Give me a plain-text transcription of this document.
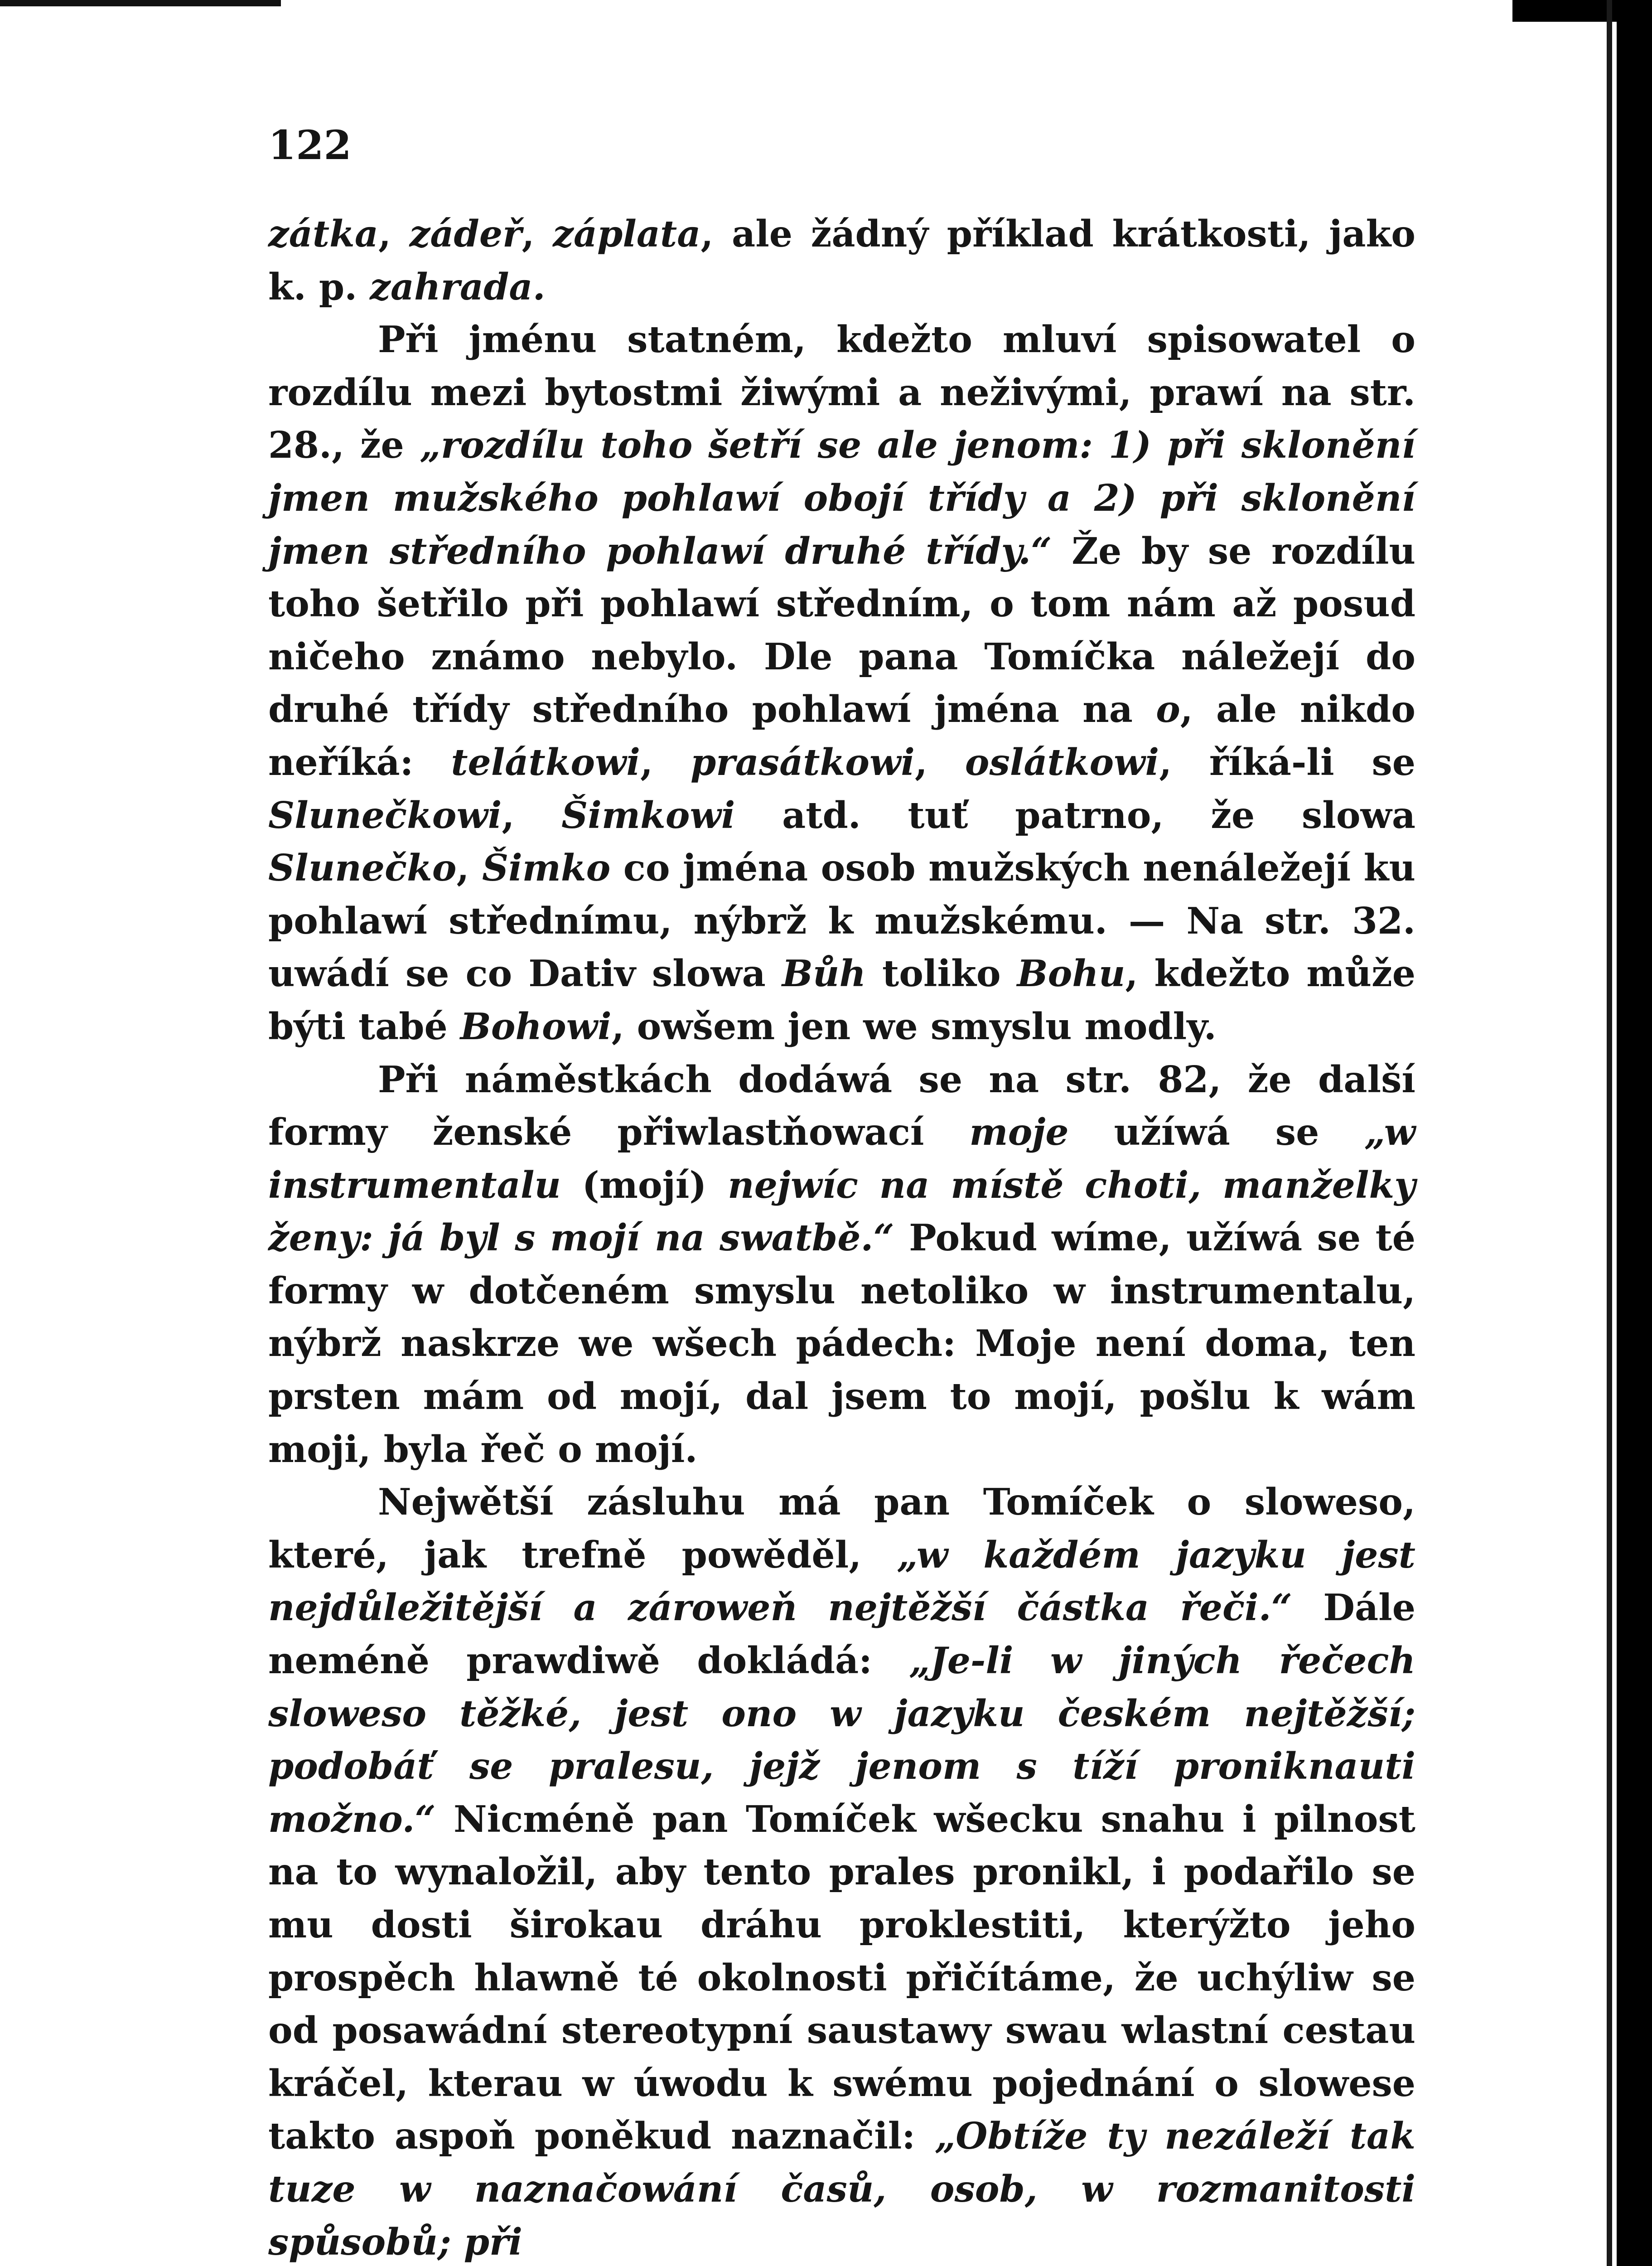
122

zátka, zádeř, záplata, ale žádný příklad krátkosti, jako k. p. zahrada.

Při jménu statném, kdežto mluví spisowatel o rozdílu mezi bytostmi žiwými a neživými, prawí na str. 28., že „rozdílu toho šetří se ale jenom: 1) při sklonění jmen mužského pohlawí obojí třídy a 2) při sklonění jmen středního pohlawí druhé třídy.“ Že by se rozdílu toho šetřilo při pohlawí středním, o tom nám až posud ničeho známo nebylo. Dle pana Tomíčka náležejí do druhé třídy středního pohlawí jména na o, ale nikdo neříká: telátkowi, prasátkowi, oslátkowi, říká-li se Slunečkowi, Šimkowi atd. tuť patrno, že slowa Slunečko, Šimko co jména osob mužských nenáležejí ku pohlawí střednímu, nýbrž k mužskému. — Na str. 32. uwádí se co Dativ slowa Bůh toliko Bohu, kdežto může býti tabé Bohowi, owšem jen we smyslu modly.

Při náměstkách dodáwá se na str. 82, že další formy ženské přiwlastňowací moje užíwá se „w instrumentalu (mojí) nejwíc na místě choti, manželky ženy: já byl s mojí na swatbě.“ Pokud wíme, užíwá se té formy w dotčeném smyslu netoliko w instrumentalu, nýbrž naskrze we wšech pádech: Moje není doma, ten prsten mám od mojí, dal jsem to mojí, pošlu k wám moji, byla řeč o mojí.

Nejwětší zásluhu má pan Tomíček o sloweso, které, jak trefně powěděl, „w každém jazyku jest nejdůležitější a zároweň nejtěžší částka řeči.“ Dále neméně prawdiwě dokládá: „Je-li w jiných řečech sloweso těžké, jest ono w jazyku českém nejtěžší; podobáť se pralesu, jejž jenom s tíží proniknauti možno.“ Nicméně pan Tomíček wšecku snahu i pilnost na to wynaložil, aby tento prales pronikl, i podařilo se mu dosti širokau dráhu proklestiti, kterýžto jeho prospěch hlawně té okolnosti přičítáme, že uchýliw se od posawádní stereotypní saustawy swau wlastní cestau kráčel, kterau w úwodu k swému pojednání o slowese takto aspoň poněkud naznačil: „Obtíže ty nezáleží tak tuze w naznačowání časů, osob, w rozmanitosti spůsobů; při
